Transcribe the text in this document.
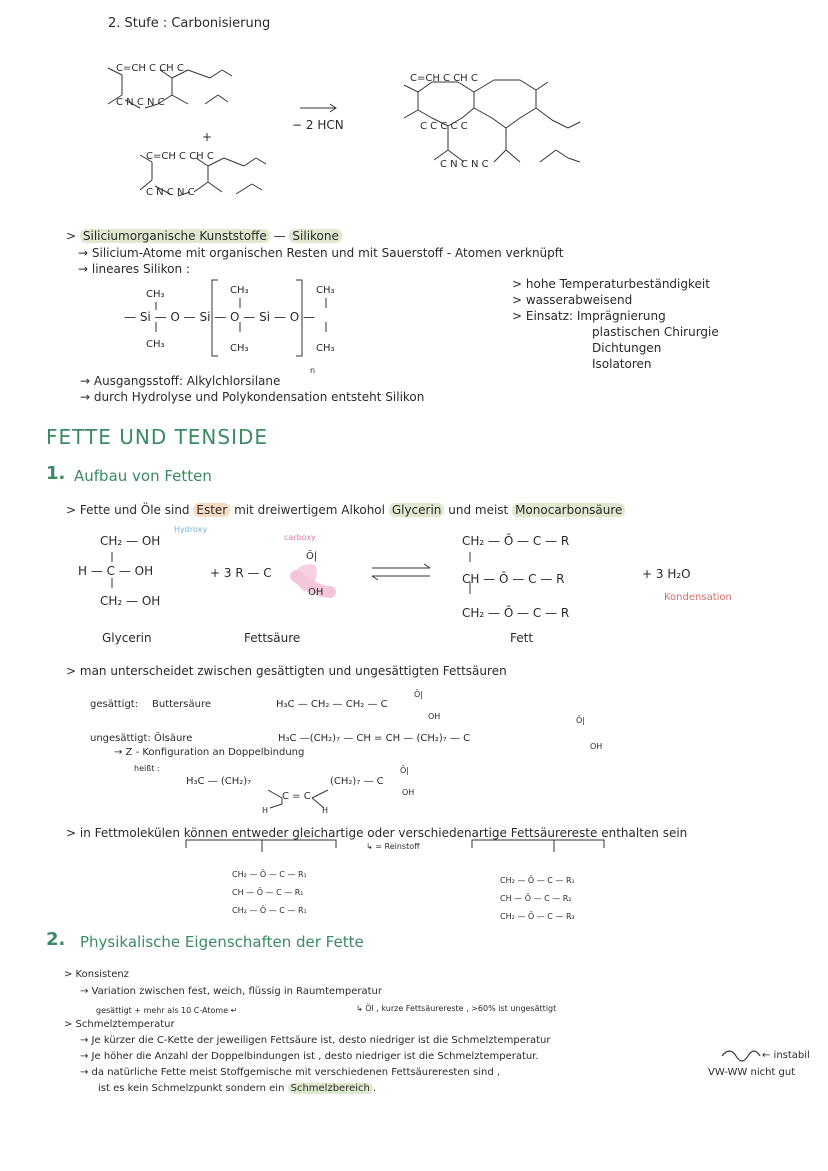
2. Stufe : Carbonisierung
C=CH C CH C
C N C N C
+
C=CH C CH C
C N C N C
− 2 HCN
C=CH C CH C
C C C C C
C N C N C
> Siliciumorganische Kunststoffe — Silikone
→ Silicium-Atome mit organischen Resten und mit Sauerstoff - Atomen verknüpft
→ lineares Silikon :
CH₃	CH₃	CH₃
— Si — O — Si — O — Si — O —
CH₃	CH₃	CH₃
n
> hohe Temperaturbeständigkeit
> wasserabweisend
> Einsatz: Imprägnierung
plastischen Chirurgie
Dichtungen
Isolatoren
→ Ausgangsstoff: Alkylchlorsilane
→ durch Hydrolyse und Polykondensation entsteht Silikon
FETTE UND TENSIDE
1. Aufbau von Fetten
> Fette und Öle sind Ester mit dreiwertigem Alkohol Glycerin und meist Monocarbonsäure
Hydroxy
carboxy
CH₂ — OH
H — C — OH
CH₂ — OH
+ 3 R — C
Ō|
OH
CH₂ — Ō — C — R
CH — Ō — C — R
CH₂ — Ō — C — R
+ 3 H₂O
Kondensation
Glycerin	Fettsäure	Fett
> man unterscheidet zwischen gesättigten und ungesättigten Fettsäuren
gesättigt: Buttersäure	H₃C — CH₂ — CH₂ — C
Ō|
OH
ungesättigt: Ölsäure	H₃C —(CH₂)₇ — CH = CH — (CH₂)₇ — C
Ō|
OH
→ Z - Konfiguration an Doppelbindung
heißt :
H₃C — (CH₂)₇
C = C
(CH₂)₇ — C
Ō|
OH
H	H
> in Fettmolekülen können entweder gleichartige oder verschiedenartige Fettsäurereste enthalten sein
↳ = Reinstoff
CH₂ — Ō — C — R₁
CH — Ō — C — R₁
CH₂ — Ō — C — R₁
CH₂ — Ō — C — R₁
CH — Ō — C — R₂
CH₂ — Ō — C — R₃
2. Physikalische Eigenschaften der Fette
> Konsistenz
→ Variation zwischen fest, weich, flüssig in Raumtemperatur
gesättigt + mehr als 10 C-Atome ↵	↳ Öl , kurze Fettsäurereste , >60% ist ungesättigt
> Schmelztemperatur
→ Je kürzer die C-Kette der jeweiligen Fettsäure ist, desto niedriger ist die Schmelztemperatur
→ Je höher die Anzahl der Doppelbindungen ist , desto niedriger ist die Schmelztemperatur.	← instabil
→ da natürliche Fette meist Stoffgemische mit verschiedenen Fettsäureresten sind ,	VW-WW nicht gut
ist es kein Schmelzpunkt sondern ein Schmelzbereich .
